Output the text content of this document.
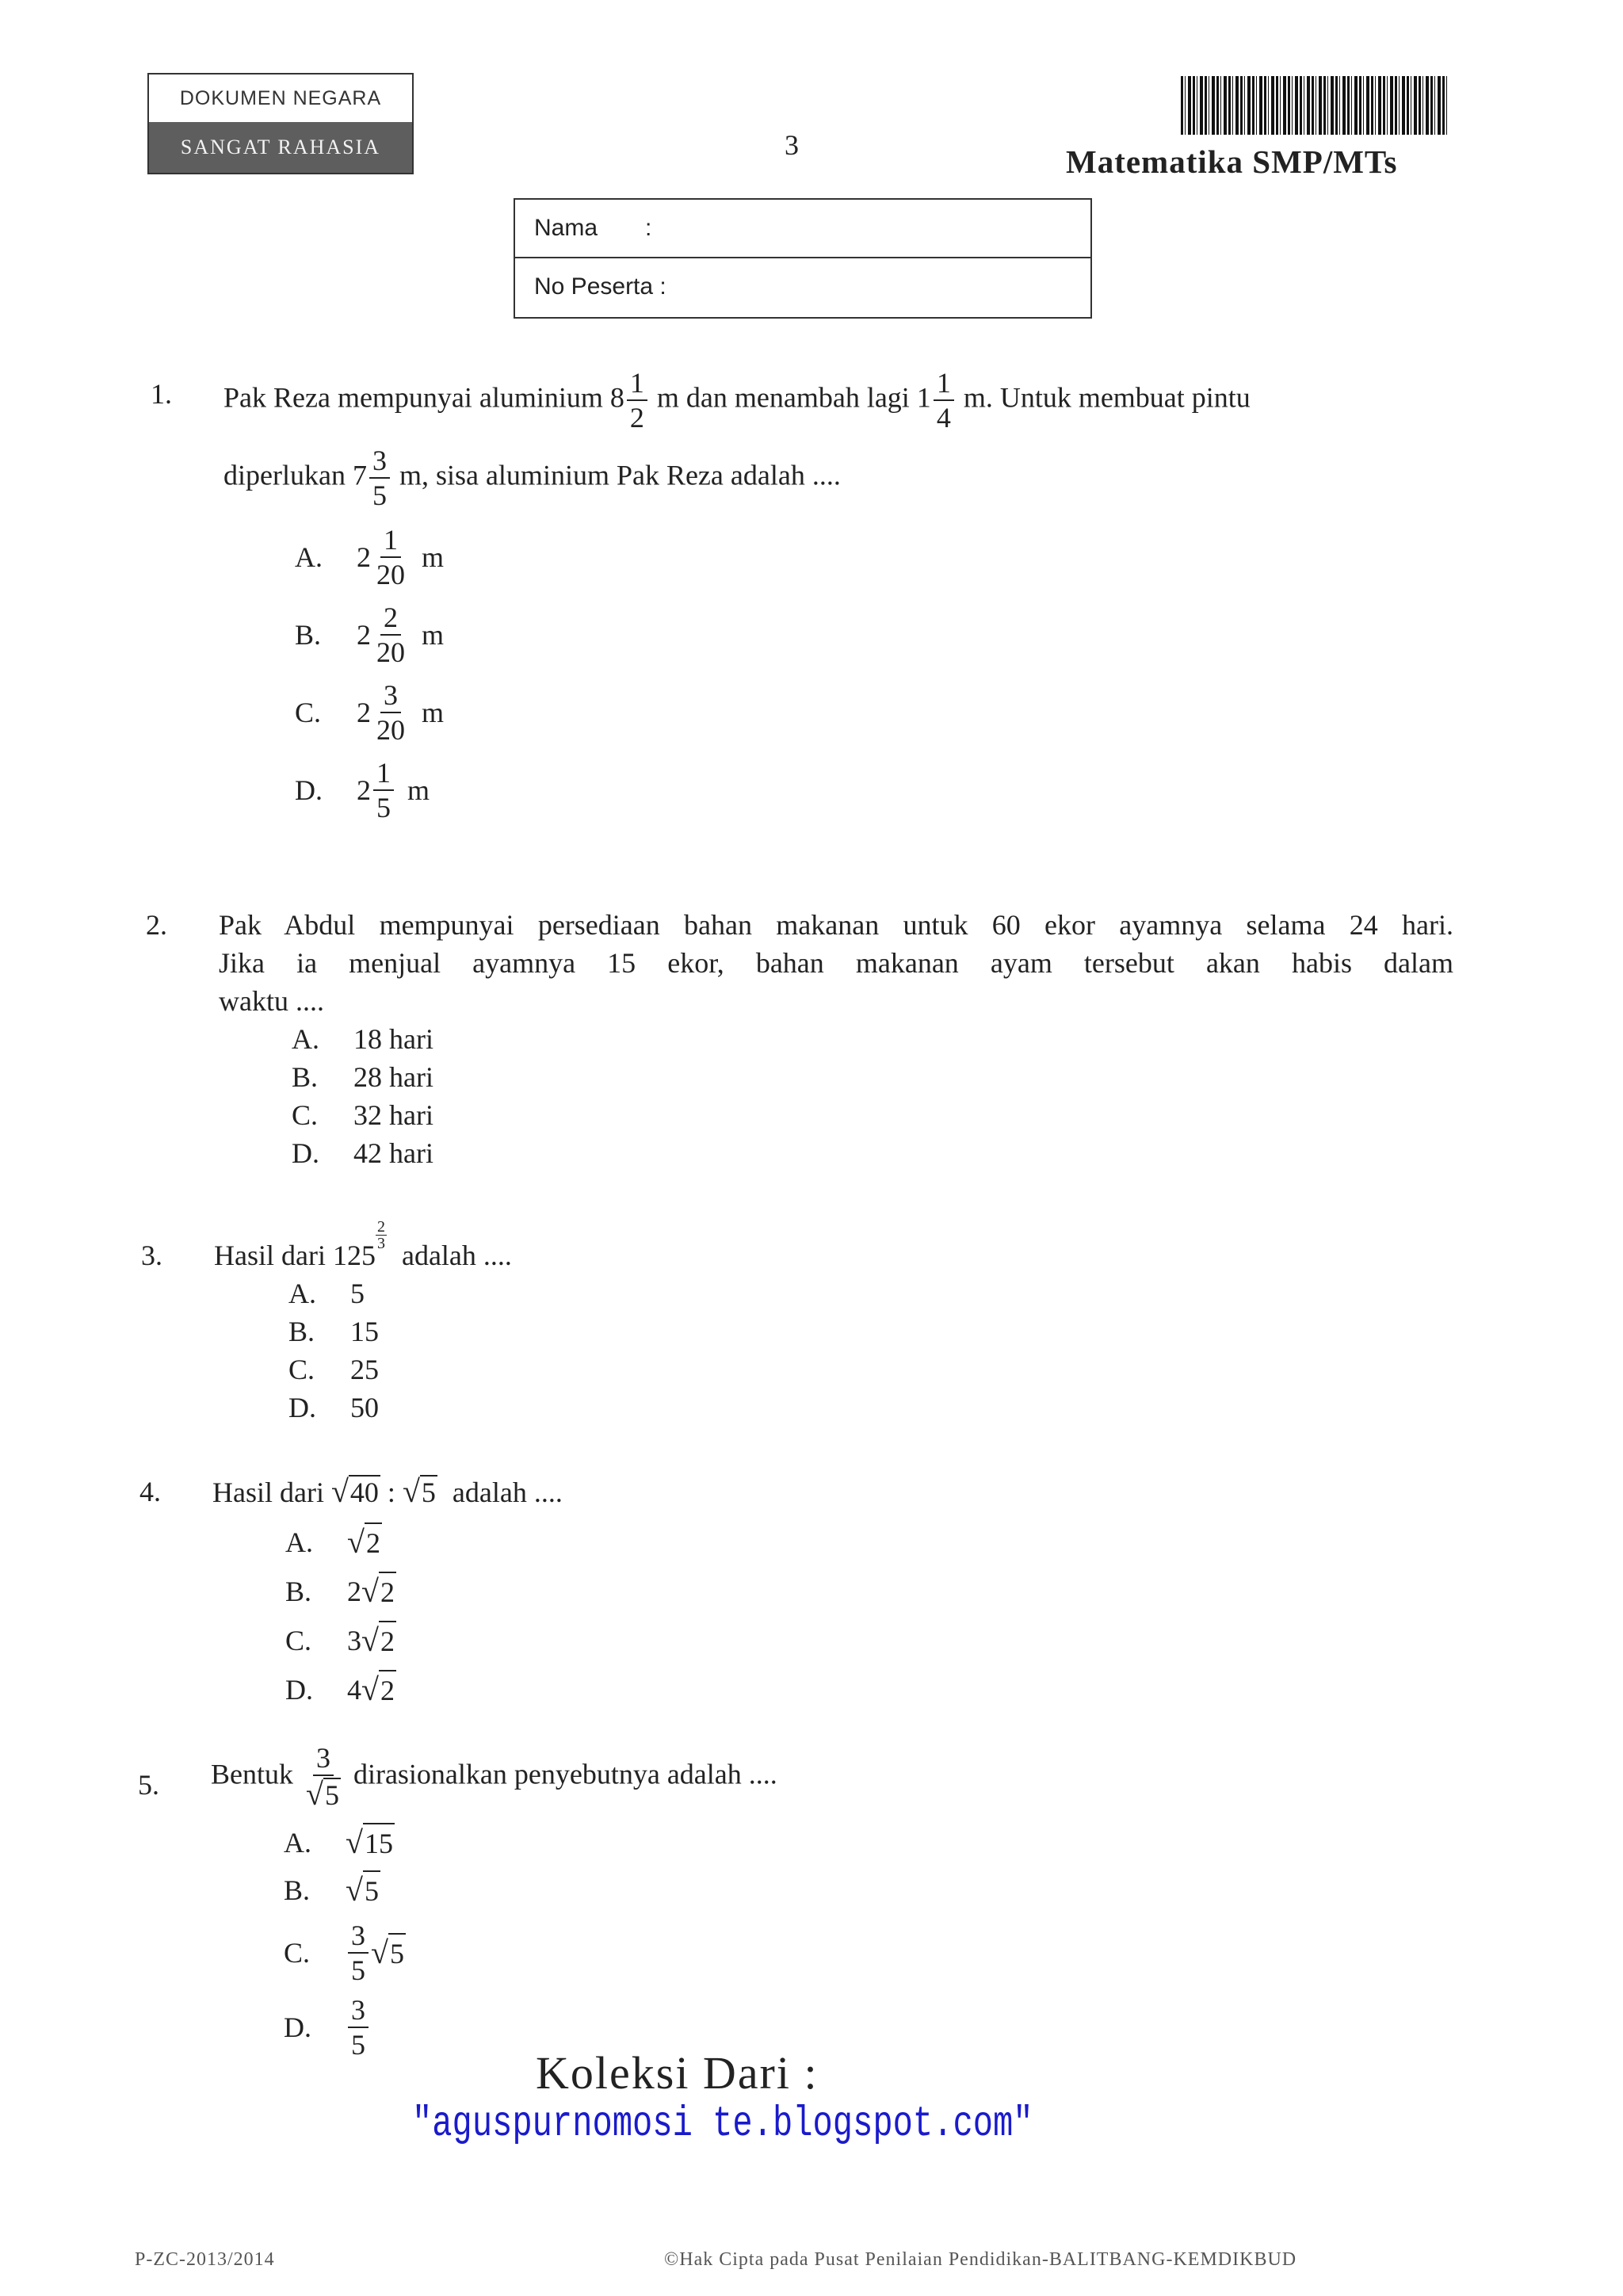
DOKUMEN NEGARA
SANGAT RAHASIA	3	Matematika SMP/MTs
Nama :
No Peserta :
1. Pak Reza mempunyai aluminium $8 \frac{1}{2}$ m dan menambah lagi $1 \frac{1}{4} m$. Untuk membuat pintu
diperlukan $7 \frac{3}{5} m$, sisa aluminium Pak Reza adalah ....
A.	$2 \frac{1}{20}$ m
B.	$2 \frac{2}{20}$ m
C.	$2 \frac{3}{20}$ m
D.	$2 \frac{1}{5}$ m
2. Pak Abdul mempunyai persediaan bahan makanan untuk 60 ekor ayamnya selama 24 hari.
Jika ia menjual ayamnya 15 ekor, bahan makanan ayam tersebut akan habis dalam
waktu ....
A.	18 hari
B.	28 hari
C.	32 hari
D.	42 hari
3. Hasil dari 125
$\frac{2}{3}$
adalah ....
A.	5
B.	15
C.	25
D.	50
4. Hasil dari √40 : √5 adalah ....
A.	√ 2
B.	2 √ 2
C.	3 √ 2
D.	4 √ 2
5. Bentuk $\frac{3}{√5}$ dirasionalkan penyebutnya adalah ....
A.	√ 15
B.	√ 5
C.	$\frac{3}{5}$ √ 5
D.	$\frac{3}{5}$
Koleksi Dari :
"aguspurnomosi te.blogspot.com"
P-ZC-2013/2014	©Hak Cipta pada Pusat Penilaian Pendidikan-BALITBANG-KEMDIKBUD
